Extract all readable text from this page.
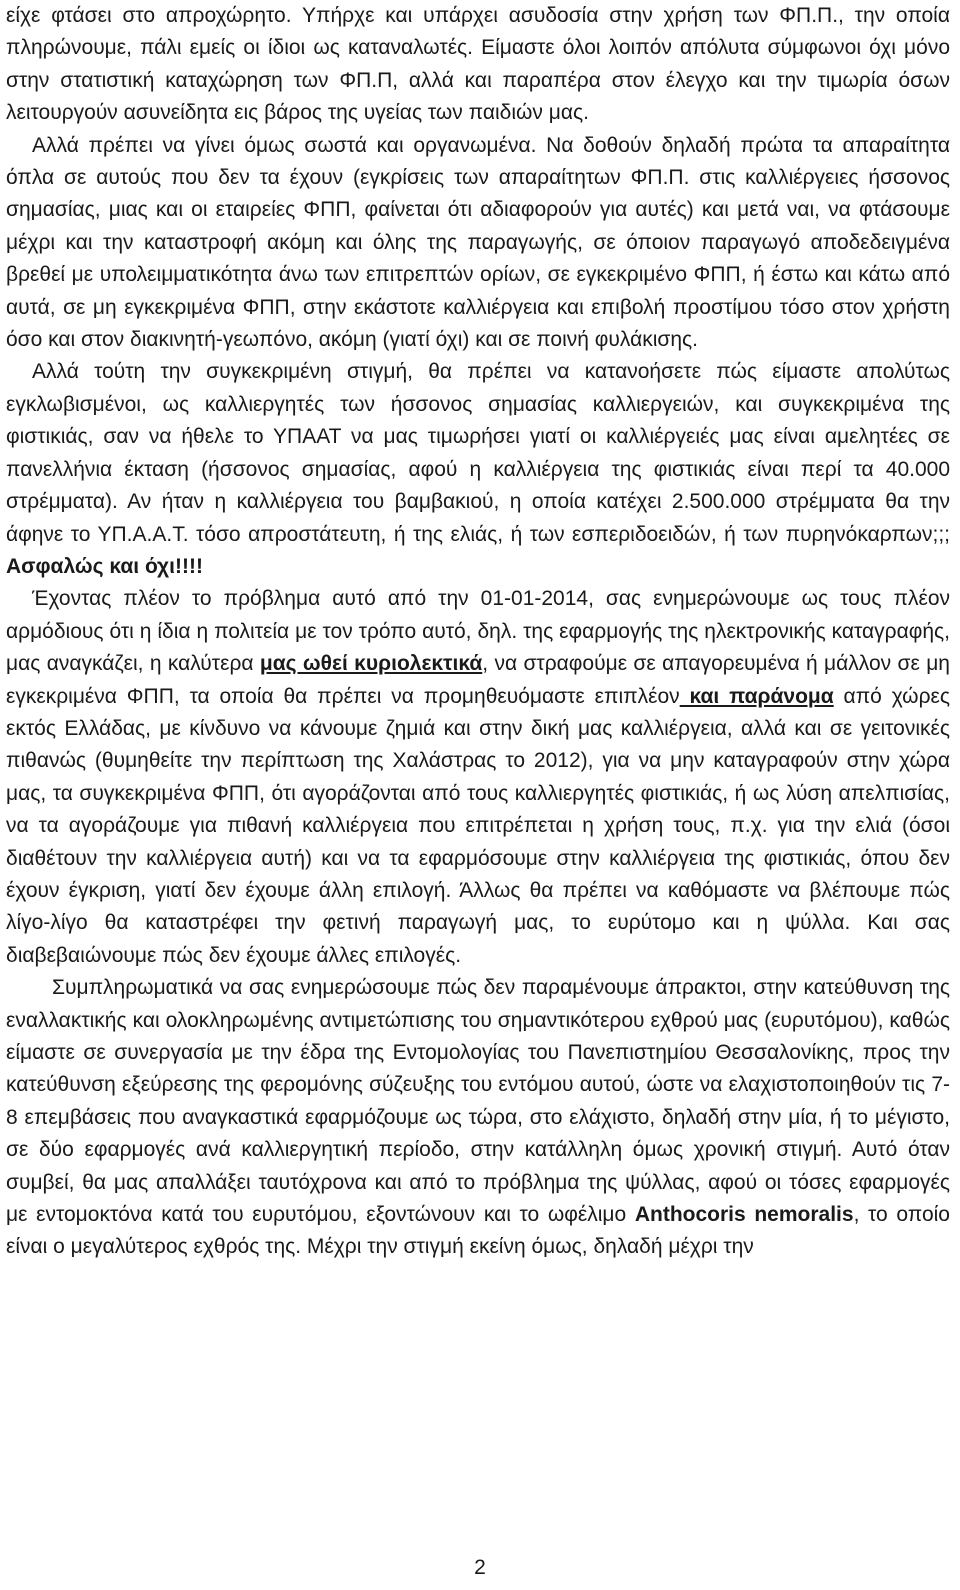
είχε φτάσει στο απροχώρητο. Υπήρχε και υπάρχει ασυδοσία στην χρήση των ΦΠ.Π., την οποία πληρώνουμε, πάλι εμείς οι ίδιοι ως καταναλωτές. Είμαστε όλοι λοιπόν απόλυτα σύμφωνοι όχι μόνο στην στατιστική καταχώρηση των ΦΠ.Π, αλλά και παραπέρα στον έλεγχο και την τιμωρία όσων λειτουργούν ασυνείδητα εις βάρος της υγείας των παιδιών μας.

Αλλά πρέπει να γίνει όμως σωστά και οργανωμένα. Να δοθούν δηλαδή πρώτα τα απαραίτητα όπλα σε αυτούς που δεν τα έχουν (εγκρίσεις των απαραίτητων ΦΠ.Π. στις καλλιέργειες ήσσονος σημασίας, μιας και οι εταιρείες ΦΠΠ, φαίνεται ότι αδιαφορούν για αυτές) και μετά ναι, να φτάσουμε μέχρι και την καταστροφή ακόμη και όλης της παραγωγής, σε όποιον παραγωγό αποδεδειγμένα βρεθεί με υπολειμματικότητα άνω των επιτρεπτών ορίων, σε εγκεκριμένο ΦΠΠ, ή έστω και κάτω από αυτά, σε μη εγκεκριμένα ΦΠΠ, στην εκάστοτε καλλιέργεια και επιβολή προστίμου τόσο στον χρήστη όσο και στον διακινητή-γεωπόνο, ακόμη (γιατί όχι) και σε ποινή φυλάκισης.

Αλλά τούτη την συγκεκριμένη στιγμή, θα πρέπει να κατανοήσετε πώς είμαστε απολύτως εγκλωβισμένοι, ως καλλιεργητές των ήσσονος σημασίας καλλιεργειών, και συγκεκριμένα της φιστικιάς, σαν να ήθελε το ΥΠΑΑΤ να μας τιμωρήσει γιατί οι καλλιέργειές μας είναι αμελητέες σε πανελλήνια έκταση (ήσσονος σημασίας, αφού η καλλιέργεια της φιστικιάς είναι περί τα 40.000 στρέμματα). Αν ήταν η καλλιέργεια του βαμβακιού, η οποία κατέχει 2.500.000 στρέμματα θα την άφηνε το ΥΠ.Α.Α.Τ. τόσο απροστάτευτη, ή της ελιάς, ή των εσπεριδοειδών, ή των πυρηνόκαρπων;;; Ασφαλώς και όχι!!!!

Έχοντας πλέον το πρόβλημα αυτό από την 01-01-2014, σας ενημερώνουμε ως τους πλέον αρμόδιους ότι η ίδια η πολιτεία με τον τρόπο αυτό, δηλ. της εφαρμογής της ηλεκτρονικής καταγραφής, μας αναγκάζει, η καλύτερα μας ωθεί κυριολεκτικά, να στραφούμε σε απαγορευμένα ή μάλλον σε μη εγκεκριμένα ΦΠΠ, τα οποία θα πρέπει να προμηθευόμαστε επιπλέον και παράνομα από χώρες εκτός Ελλάδας, με κίνδυνο να κάνουμε ζημιά και στην δική μας καλλιέργεια, αλλά και σε γειτονικές πιθανώς (θυμηθείτε την περίπτωση της Χαλάστρας το 2012), για να μην καταγραφούν στην χώρα μας, τα συγκεκριμένα ΦΠΠ, ότι αγοράζονται από τους καλλιεργητές φιστικιάς, ή ως λύση απελπισίας, να τα αγοράζουμε για πιθανή καλλιέργεια που επιτρέπεται η χρήση τους, π.χ. για την ελιά (όσοι διαθέτουν την καλλιέργεια αυτή) και να τα εφαρμόσουμε στην καλλιέργεια της φιστικιάς, όπου δεν έχουν έγκριση, γιατί δεν έχουμε άλλη επιλογή. Άλλως θα πρέπει να καθόμαστε να βλέπουμε πώς λίγο-λίγο θα καταστρέφει την φετινή παραγωγή μας, το ευρύτομο και η ψύλλα. Και σας διαβεβαιώνουμε πώς δεν έχουμε άλλες επιλογές.

Συμπληρωματικά να σας ενημερώσουμε πώς δεν παραμένουμε άπρακτοι, στην κατεύθυνση της εναλλακτικής και ολοκληρωμένης αντιμετώπισης του σημαντικότερου εχθρού μας (ευρυτόμου), καθώς είμαστε σε συνεργασία με την έδρα της Εντομολογίας του Πανεπιστημίου Θεσσαλονίκης, προς την κατεύθυνση εξεύρεσης της φερομόνης σύζευξης του εντόμου αυτού, ώστε να ελαχιστοποιηθούν τις 7-8 επεμβάσεις που αναγκαστικά εφαρμόζουμε ως τώρα, στο ελάχιστο, δηλαδή στην μία, ή το μέγιστο, σε δύο εφαρμογές ανά καλλιεργητική περίοδο, στην κατάλληλη όμως χρονική στιγμή. Αυτό όταν συμβεί, θα μας απαλλάξει ταυτόχρονα και από το πρόβλημα της ψύλλας, αφού οι τόσες εφαρμογές με εντομοκτόνα κατά του ευρυτόμου, εξοντώνουν και το ωφέλιμο Anthocoris nemoralis, το οποίο είναι ο μεγαλύτερος εχθρός της. Μέχρι την στιγμή εκείνη όμως, δηλαδή μέχρι την

2
